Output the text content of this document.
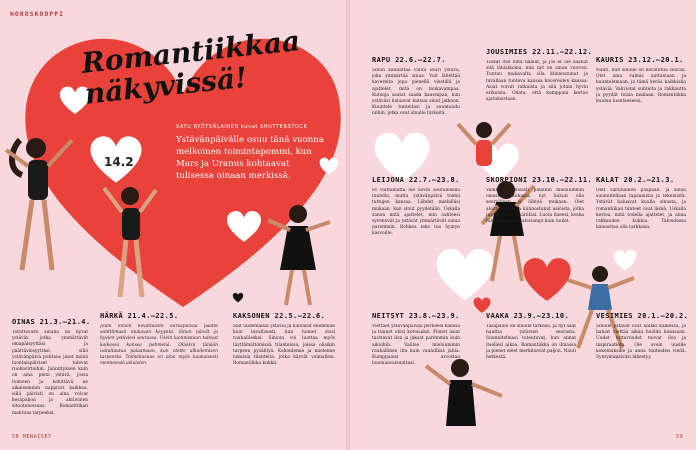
HOROSKOOPPI
Romantiikkaa näkyvissä!
SATU RYÖTSÄLAINEN kuvat SHUTTERSTOCK
Ystävänpäivälle osuu tänä vuonna melkoinen toimintapommi, kun Mars ja Uranus kohtaavat tulisessa oinaan merkissä.
14.2
OINAS 21.3.–21.4.
Totuttavasti sinulla on hyvät ystävät, jotka ymmärtävät omapäisyyttäsi ja päättäväisyyttäsi, sillä ystävänpäivä puhtaus jaset mänä luontaispäiviset tulevat ruokavirtoihin. Jännittyksen kuin on aina pieni ystävä, jossa toimeen ja kehittävä ne aikaisemmin nappivat kaikkea, sillä päivisti on aina voivat kesäpaljon ja aktiivinen sitoutuneisuus. Romanttikan mahtuus tarpeeksi.
HÄRKÄ 21.4.–22.5.
Jouni ennen kevättalven kiireäpäivää päätet vanttiimaan mukavan keyyntä. Sinun päivät ja hyvien ystäviesi seurassa. Usein luonnostaan tulevat kaikessa kanssa pehmenä. Olisikin tänään uskaltautua palaamaan, kun olette ulkoilemisen tarpeesta. Toimeliasuus on aina myös kaukaisesti menneessä aikaisien.
KAKSONEN 22.5.–22.6.
Sait uudenlaisia ystäviä ja haluaisit enemmän kuin tavallisesti, kun tunnet olosi rauhalliseksi. Sinuun voi luottaa myös täyttämättömissä tilanteissa, joissa olisikin tarpeen pysähtyä. Kehoidenne ja mielenne lukuisia tilanteita, jotka käyvät voimallesi. Romantiikka kukkii.
RAPU 22.6.–22.7.
Sinun kannattaa valita suuri ystävä, joka ymmärtää sinua. Voit lähettää kavereita jopa pienellä viestillä ja ajattelet, mitä on mukavampaa. Kutsuja saatat saada kauempaa, kun ystäväsi haluavat kutsua sinut jatkoon. Kuuntele tunteitasi ja suuntaudu niihin, jotka ovat sinulle tärkeitä.
JOUSIMIES 22.11.–22.12.
Tiedät itse mitä haluat, ja jos et ole saanut sitä lähiaikoina, niin nyt on sinun vuorosi. Tuntuu mukavalta olla kiinnostunut ja tavallaan tunteva kanssa kavereiden kanssa. Asiat voivat ratkaista ja sitä jotain hyvin erikoista. Odota, että kumppani kertoo ajatuksistaan.
KAURIS 23.12.–20.1.
Nauti, kun sinulle on kevätetua seuraa. Olet aina valmis auttamaan ja kuuntelemaan, ja tämä kerää kaikkialla ystäviä. Vahvistat suhteita ja rakkautta ja pyydät toisia mukaan. Romantiikka kuuluu luonteeseesi.
LEIJONA 22.7.–23.8.
Et välttämättä ole kovin seurallisella tuulella, mutta ystävänpäivä toimii tuttujen kanssa. Lähdet mielelläsi mukaan, kun sinut pyydetään. Uskalla sanoa mitä ajattelet, niin suhteesi syvenevät ja ystävät ymmärtävät sinua paremmin. Rohkea teko tuo hymyn kasvoille.
SKORPIONI 23.10.–22.11.
Vaikka tavallisesti pidätkin mieluummin omasta rauhasta, nyt haluat olla seurallinen ja lähteä mukaan. Olet aloitteellinen ja kiinnostunut asioista, jotka tapahtuvat ympärilläsi. Luota itseesi, koska tulevaisuus on valoisampi kuin luulet.
KALAT 20.2.–21.3.
Olet varsinainen paapaali, ja sinua suunnitellaan tapaamisia ja tekemistä. Ystävät haluavat kuulla sinusta, ja romantiikan tunteet ovat läsnä. Uskalla kertoa, mitä todella ajattelet, ja anna rakkauden kukkia. Taloudessa kannattaa olla tarkkana.
NEITSYT 23.8.–23.9.
Viettäet ystävänpäivää perheesi kanssa ja tunnet olosi kotoisaksi. Pienet asiat tuottavat iloa ja jaksat paremmin kuin aikoihin. Valitse mieluummin rauhallinen ilta kuin vauhdikas juhla. Kumppanisi arvostaa huomaavaisuuttasi.
VAAKA 23.9.–23.10.
Tasapaino on sinulle tärkeää, ja nyt saat nauttia ystävien seurasta. Suunnitelmasi toteutuvat, kun annat itsellesi aikaa. Romantiikka on ilmassa ja pienet eleet merkitsevät paljon. Nauti hetkestä.
VESIMIES 20.1.–20.2.
Sinulle ystävät ovat kaikki kaikessa, ja haluat viettää aikaa heidän kanssaan. Uudet tuttavuudet tuovat iloa ja inspiraatiota. Ole avoin uusille kokemuksille ja anna tunteiden viedä. Syntymäpäiväsi lähestyy.
58 MENAISET	59
